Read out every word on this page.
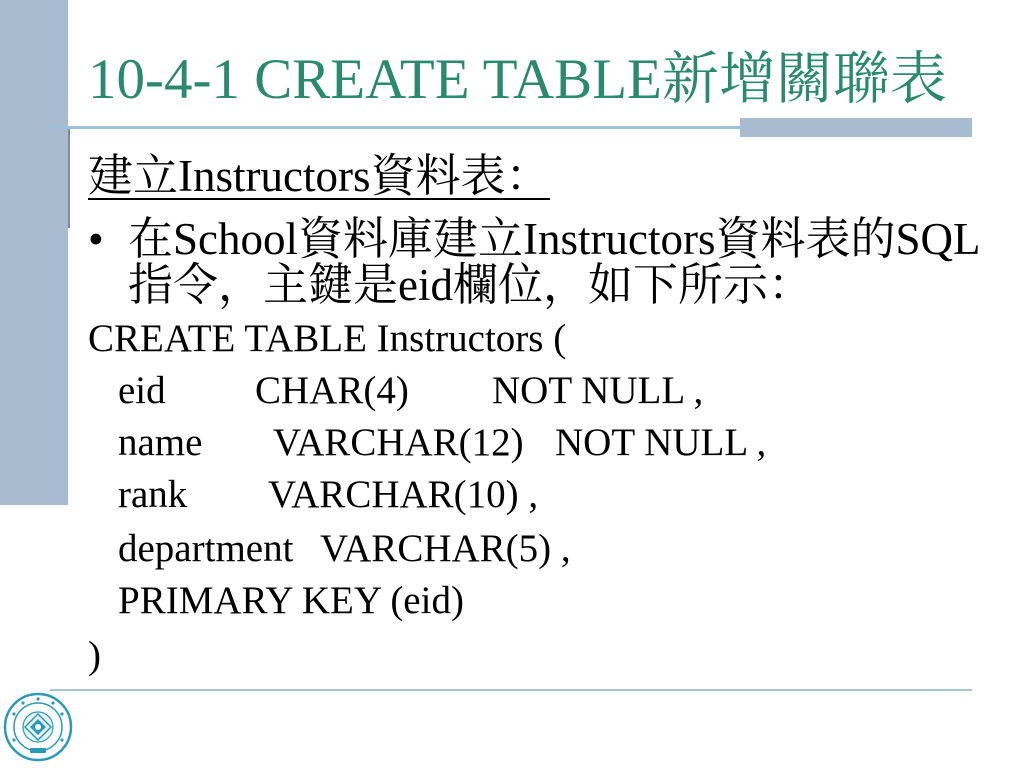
10-4-1 CREATE TABLE新增關聯表
建立Instructors資料表：
• 在School資料庫建立Instructors資料表的SQL
指令，主鍵是eid欄位，如下所示：
CREATE TABLE Instructors (
eid CHAR(4) NOT NULL ,
name VARCHAR(12) NOT NULL ,
rank VARCHAR(10) ,
department VARCHAR(5) ,
PRIMARY KEY (eid)
)
